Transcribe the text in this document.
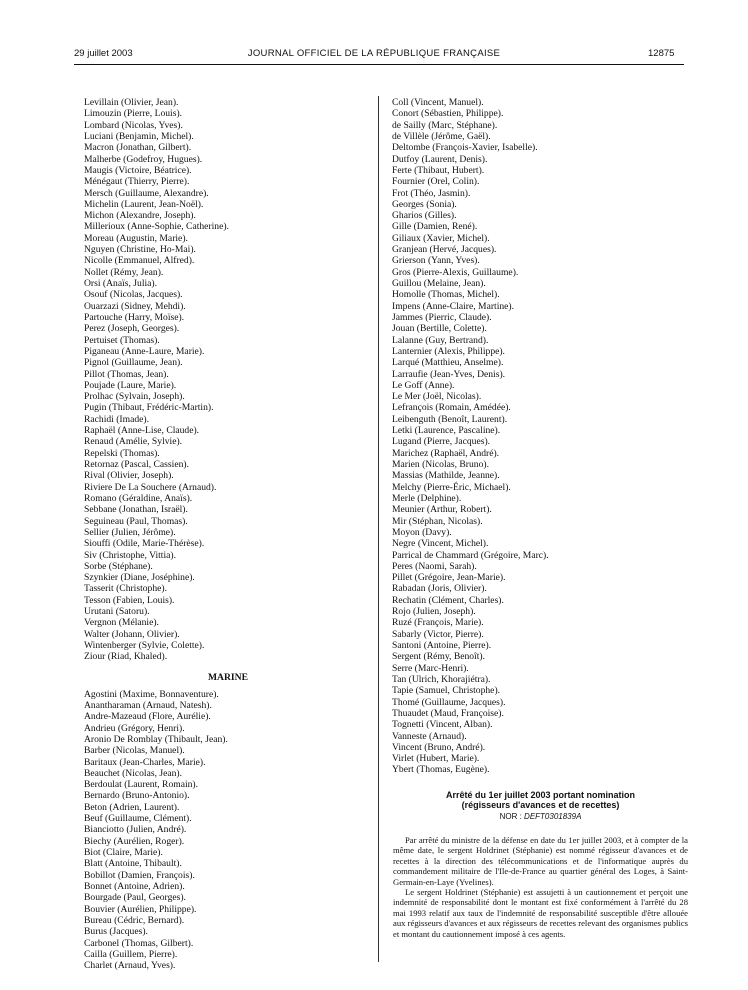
29 juillet 2003	JOURNAL OFFICIEL DE LA RÉPUBLIQUE FRANÇAISE	12875
Levillain (Olivier, Jean).
Limouzin (Pierre, Louis).
Lombard (Nicolas, Yves).
Luciani (Benjamin, Michel).
Macron (Jonathan, Gilbert).
Malherbe (Godefroy, Hugues).
Maugis (Victoire, Béatrice).
Ménégaut (Thierry, Pierre).
Mersch (Guillaume, Alexandre).
Michelin (Laurent, Jean-Noël).
Michon (Alexandre, Joseph).
Millerioux (Anne-Sophie, Catherine).
Moreau (Augustin, Marie).
Nguyen (Christine, Ho-Mai).
Nicolle (Emmanuel, Alfred).
Nollet (Rémy, Jean).
Orsi (Anaïs, Julia).
Osouf (Nicolas, Jacques).
Ouarzazi (Sidney, Mehdi).
Partouche (Harry, Moïse).
Perez (Joseph, Georges).
Pertuiset (Thomas).
Piganeau (Anne-Laure, Marie).
Pignol (Guillaume, Jean).
Pillot (Thomas, Jean).
Poujade (Laure, Marie).
Prolhac (Sylvain, Joseph).
Pugin (Thibaut, Frédéric-Martin).
Rachidi (Imade).
Raphaël (Anne-Lise, Claude).
Renaud (Amélie, Sylvie).
Repelski (Thomas).
Retornaz (Pascal, Cassien).
Rival (Olivier, Joseph).
Riviere De La Souchere (Arnaud).
Romano (Géraldine, Anaïs).
Sebbane (Jonathan, Israël).
Seguineau (Paul, Thomas).
Sellier (Julien, Jérôme).
Siouffi (Odile, Marie-Thérèse).
Siv (Christophe, Vittia).
Sorbe (Stéphane).
Szynkier (Diane, Joséphine).
Tasserit (Christophe).
Tesson (Fabien, Louis).
Urutani (Satoru).
Vergnon (Mélanie).
Walter (Johann, Olivier).
Wintenberger (Sylvie, Colette).
Ziour (Riad, Khaled).
MARINE
Agostini (Maxime, Bonnaventure).
Anantharaman (Arnaud, Natesh).
Andre-Mazeaud (Flore, Aurélie).
Andrieu (Grégory, Henri).
Aronio De Romblay (Thibault, Jean).
Barber (Nicolas, Manuel).
Baritaux (Jean-Charles, Marie).
Beauchet (Nicolas, Jean).
Berdoulat (Laurent, Romain).
Bernardo (Bruno-Antonio).
Beton (Adrien, Laurent).
Beuf (Guillaume, Clément).
Bianciotto (Julien, André).
Biechy (Aurélien, Roger).
Biot (Claire, Marie).
Blatt (Antoine, Thibault).
Bobillot (Damien, François).
Bonnet (Antoine, Adrien).
Bourgade (Paul, Georges).
Bouvier (Aurélien, Philippe).
Bureau (Cédric, Bernard).
Burus (Jacques).
Carbonel (Thomas, Gilbert).
Cailla (Guillem, Pierre).
Charlet (Arnaud, Yves).
Coll (Vincent, Manuel).
Conort (Sébastien, Philippe).
de Sailly (Marc, Stéphane).
de Villèle (Jérôme, Gaël).
Deltombe (François-Xavier, Isabelle).
Dutfoy (Laurent, Denis).
Ferte (Thibaut, Hubert).
Fournier (Orel, Colin).
Frot (Théo, Jasmin).
Georges (Sonia).
Gharios (Gilles).
Gille (Damien, René).
Giliaux (Xavier, Michel).
Granjean (Hervé, Jacques).
Grierson (Yann, Yves).
Gros (Pierre-Alexis, Guillaume).
Guillou (Melaine, Jean).
Homolle (Thomas, Michel).
Impens (Anne-Claire, Martine).
Jammes (Pierric, Claude).
Jouan (Bertille, Colette).
Lalanne (Guy, Bertrand).
Lanternier (Alexis, Philippe).
Larqué (Matthieu, Anselme).
Larraufie (Jean-Yves, Denis).
Le Goff (Anne).
Le Mer (Joël, Nicolas).
Lefrançois (Romain, Amédée).
Leibenguth (Benoît, Laurent).
Letki (Laurence, Pascaline).
Lugand (Pierre, Jacques).
Marichez (Raphaël, André).
Marien (Nicolas, Bruno).
Massias (Mathilde, Jeanne).
Melchy (Pierre-Éric, Michael).
Merle (Delphine).
Meunier (Arthur, Robert).
Mir (Stéphan, Nicolas).
Moyon (Davy).
Negre (Vincent, Michel).
Parrical de Chammard (Grégoire, Marc).
Peres (Naomi, Sarah).
Pillet (Grégoire, Jean-Marie).
Rabadan (Joris, Olivier).
Rechatin (Clément, Charles).
Rojo (Julien, Joseph).
Ruzé (François, Marie).
Sabarly (Victor, Pierre).
Santoni (Antoine, Pierre).
Sergent (Rémy, Benoît).
Serre (Marc-Henri).
Tan (Ulrich, Khorajiétra).
Tapie (Samuel, Christophe).
Thomé (Guillaume, Jacques).
Thuaudet (Maud, Françoise).
Tognetti (Vincent, Alban).
Vanneste (Arnaud).
Vincent (Bruno, André).
Virlet (Hubert, Marie).
Ybert (Thomas, Eugène).
Arrêté du 1er juillet 2003 portant nomination
(régisseurs d'avances et de recettes)
NOR : DEFT0301839A

Par arrêté du ministre de la défense en date du 1er juillet 2003, et à compter de la même date, le sergent Holdrinet (Stéphanie) est nommé régisseur d'avances et de recettes à la direction des télécommunications et de l'informatique auprès du commandement militaire de l'Ile-de-France au quartier général des Loges, à Saint-Germain-en-Laye (Yvelines).

Le sergent Holdrinet (Stéphanie) est assujetti à un cautionnement et perçoit une indemnité de responsabilité dont le montant est fixé conformément à l'arrêté du 28 mai 1993 relatif aux taux de l'indemnité de responsabilité susceptible d'être allouée aux régisseurs d'avances et aux régisseurs de recettes relevant des organismes publics et montant du cautionnement imposé à ces agents.
